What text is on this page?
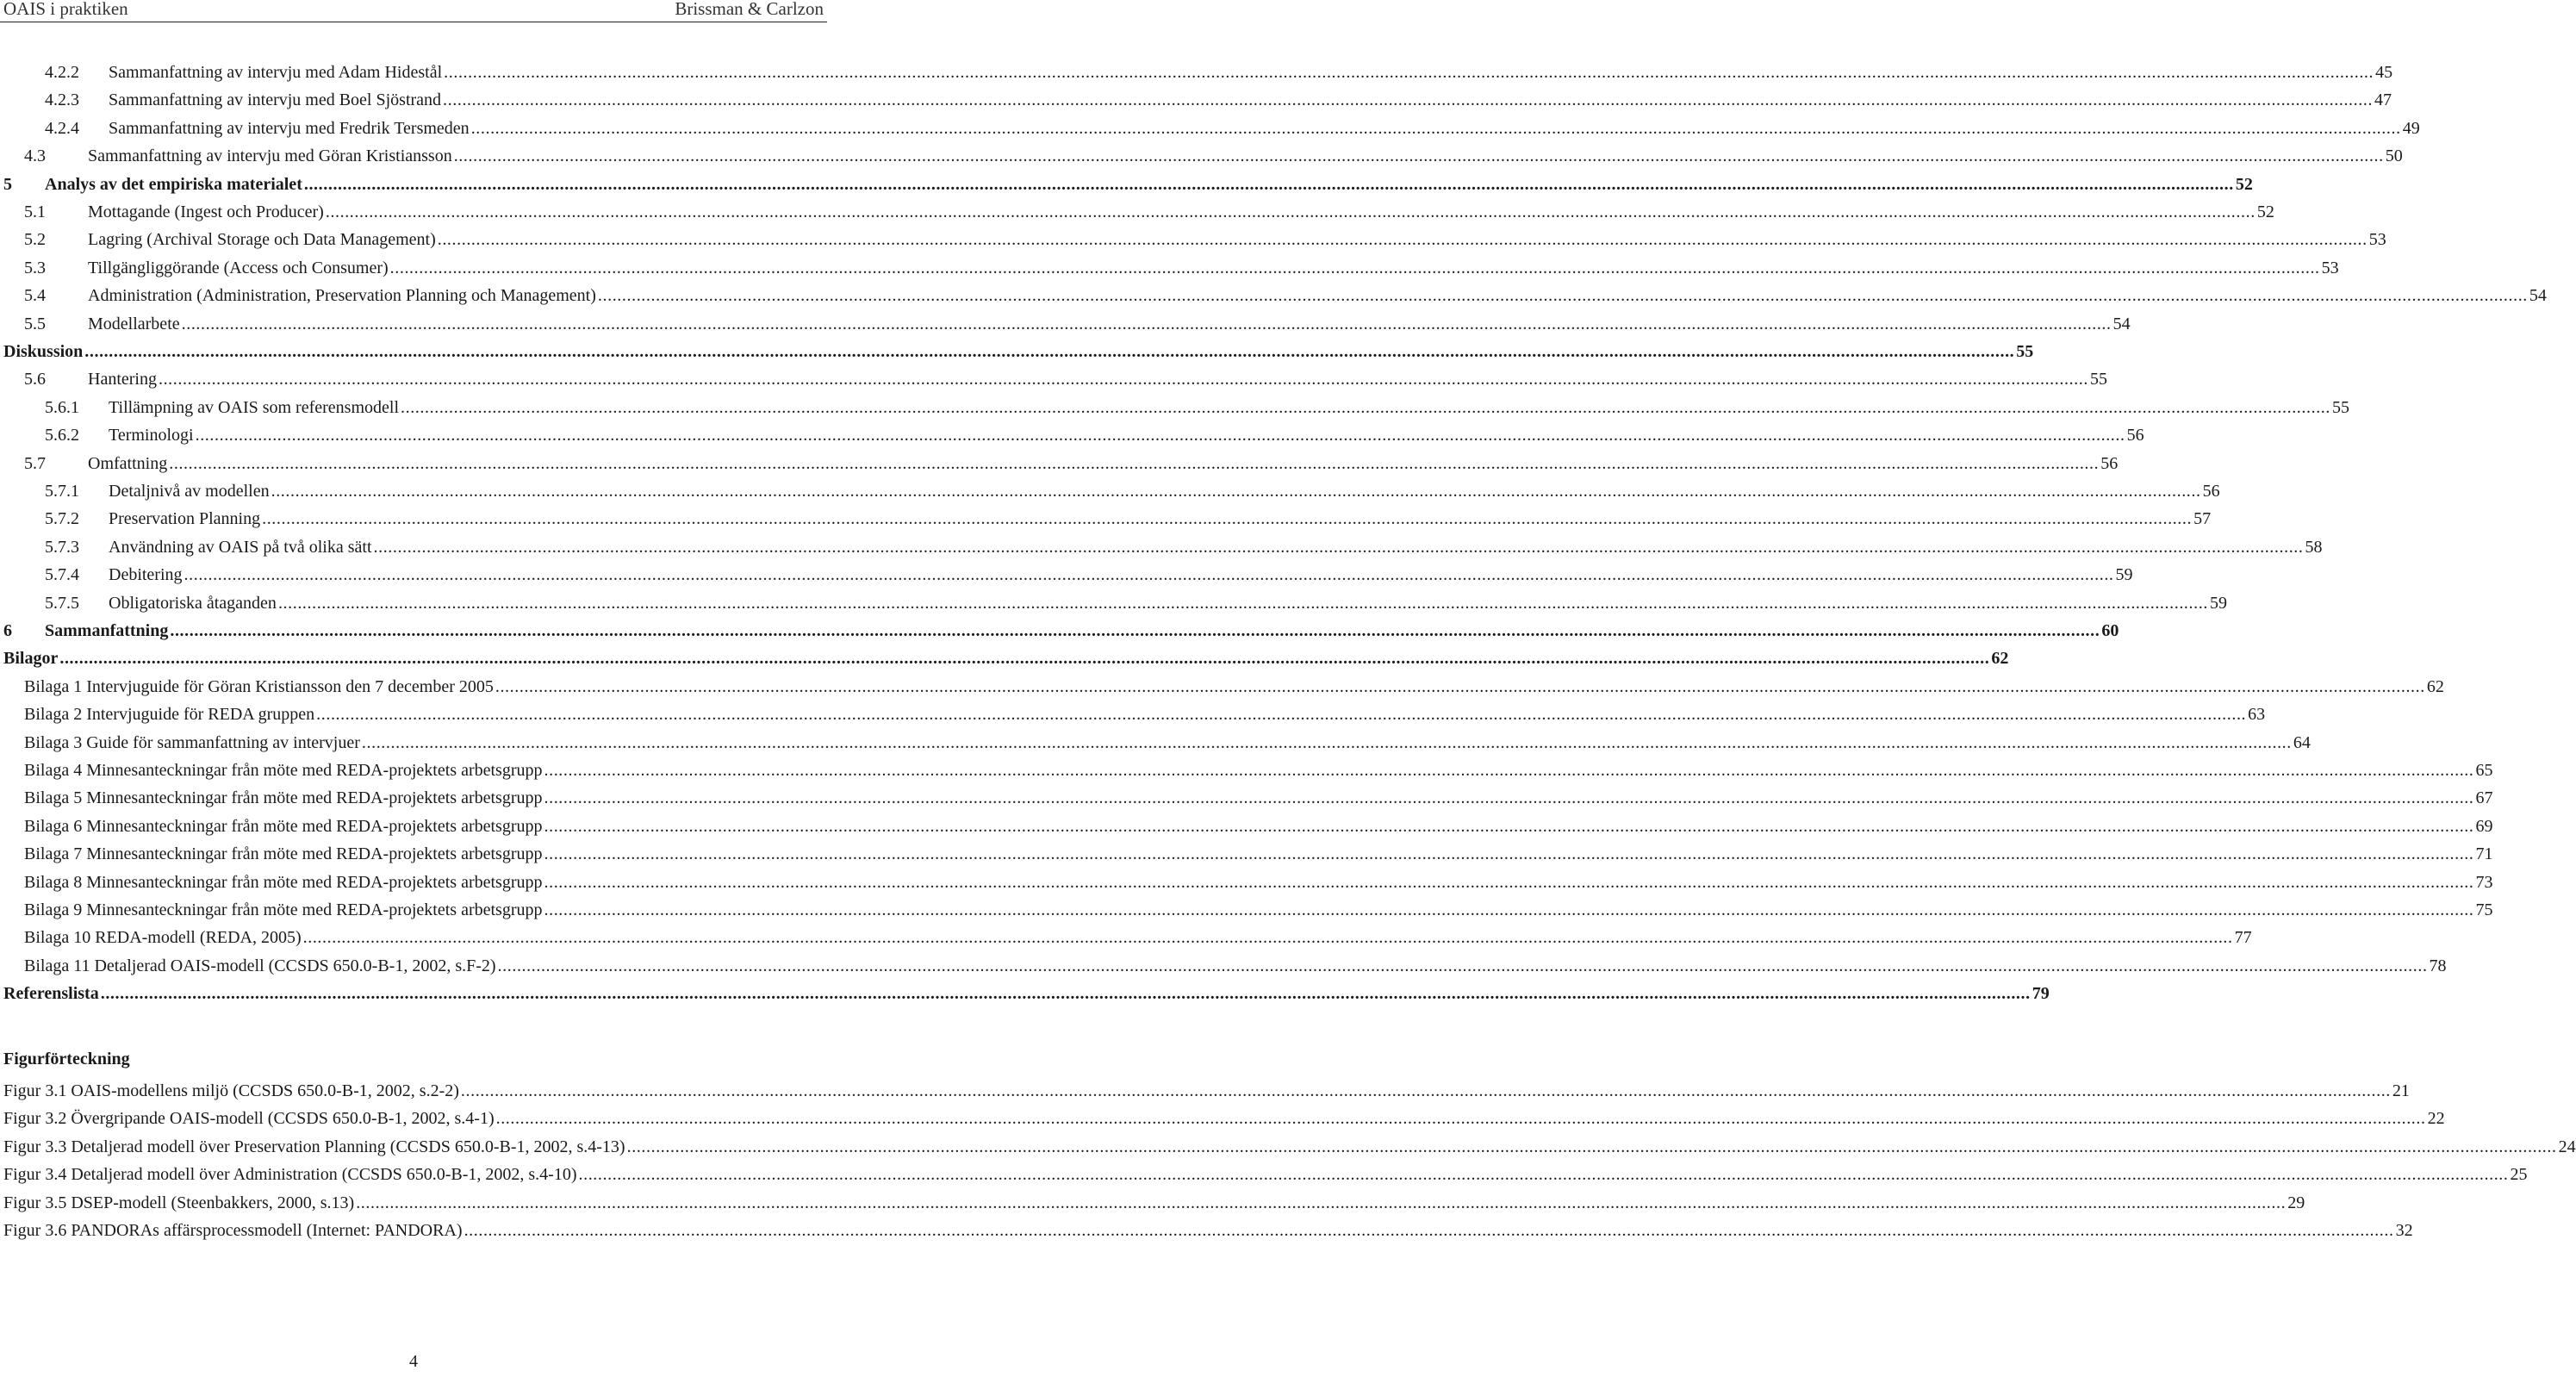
OAIS i praktiken	Brissman & Carlzon
4.2.2 Sammanfattning av intervju med Adam Hidestål ................................................................................................................................................................................................................................................................................................................................................................................................................ 45
4.2.3 Sammanfattning av intervju med Boel Sjöstrand ................................................................................................................................................................................................................................................................................................................................................................................................................ 47
4.2.4 Sammanfattning av intervju med Fredrik Tersmeden ................................................................................................................................................................................................................................................................................................................................................................................................................ 49
4.3 Sammanfattning av intervju med Göran Kristiansson ................................................................................................................................................................................................................................................................................................................................................................................................................ 50
5 Analys av det empiriska materialet ................................................................................................................................................................................................................................................................................................................................................................................................................ 52
5.1 Mottagande (Ingest och Producer) ................................................................................................................................................................................................................................................................................................................................................................................................................ 52
5.2 Lagring (Archival Storage och Data Management) ................................................................................................................................................................................................................................................................................................................................................................................................................ 53
5.3 Tillgängliggörande (Access och Consumer) ................................................................................................................................................................................................................................................................................................................................................................................................................ 53
5.4 Administration (Administration, Preservation Planning och Management) ................................................................................................................................................................................................................................................................................................................................................................................................................ 54
5.5 Modellarbete ................................................................................................................................................................................................................................................................................................................................................................................................................ 54
Diskussion ................................................................................................................................................................................................................................................................................................................................................................................................................ 55
5.6 Hantering ................................................................................................................................................................................................................................................................................................................................................................................................................ 55
5.6.1 Tillämpning av OAIS som referensmodell ................................................................................................................................................................................................................................................................................................................................................................................................................ 55
5.6.2 Terminologi ................................................................................................................................................................................................................................................................................................................................................................................................................ 56
5.7 Omfattning ................................................................................................................................................................................................................................................................................................................................................................................................................ 56
5.7.1 Detaljnivå av modellen ................................................................................................................................................................................................................................................................................................................................................................................................................ 56
5.7.2 Preservation Planning ................................................................................................................................................................................................................................................................................................................................................................................................................ 57
5.7.3 Användning av OAIS på två olika sätt ................................................................................................................................................................................................................................................................................................................................................................................................................ 58
5.7.4 Debitering ................................................................................................................................................................................................................................................................................................................................................................................................................ 59
5.7.5 Obligatoriska åtaganden ................................................................................................................................................................................................................................................................................................................................................................................................................ 59
6 Sammanfattning ................................................................................................................................................................................................................................................................................................................................................................................................................ 60
Bilagor ................................................................................................................................................................................................................................................................................................................................................................................................................ 62
Bilaga 1 Intervjuguide för Göran Kristiansson den 7 december 2005 ................................................................................................................................................................................................................................................................................................................................................................................................................ 62
Bilaga 2 Intervjuguide för REDA gruppen ................................................................................................................................................................................................................................................................................................................................................................................................................ 63
Bilaga 3 Guide för sammanfattning av intervjuer ................................................................................................................................................................................................................................................................................................................................................................................................................ 64
Bilaga 4 Minnesanteckningar från möte med REDA-projektets arbetsgrupp ................................................................................................................................................................................................................................................................................................................................................................................................................ 65
Bilaga 5 Minnesanteckningar från möte med REDA-projektets arbetsgrupp ................................................................................................................................................................................................................................................................................................................................................................................................................ 67
Bilaga 6 Minnesanteckningar från möte med REDA-projektets arbetsgrupp ................................................................................................................................................................................................................................................................................................................................................................................................................ 69
Bilaga 7 Minnesanteckningar från möte med REDA-projektets arbetsgrupp ................................................................................................................................................................................................................................................................................................................................................................................................................ 71
Bilaga 8 Minnesanteckningar från möte med REDA-projektets arbetsgrupp ................................................................................................................................................................................................................................................................................................................................................................................................................ 73
Bilaga 9 Minnesanteckningar från möte med REDA-projektets arbetsgrupp ................................................................................................................................................................................................................................................................................................................................................................................................................ 75
Bilaga 10 REDA-modell (REDA, 2005) ................................................................................................................................................................................................................................................................................................................................................................................................................ 77
Bilaga 11 Detaljerad OAIS-modell (CCSDS 650.0-B-1, 2002, s.F-2) ................................................................................................................................................................................................................................................................................................................................................................................................................ 78
Referenslista ................................................................................................................................................................................................................................................................................................................................................................................................................ 79
Figurförteckning
Figur 3.1 OAIS-modellens miljö (CCSDS 650.0-B-1, 2002, s.2-2) ................................................................................................................................................................................................................................................................................................................................................................................................................ 21
Figur 3.2 Övergripande OAIS-modell (CCSDS 650.0-B-1, 2002, s.4-1) ................................................................................................................................................................................................................................................................................................................................................................................................................ 22
Figur 3.3 Detaljerad modell över Preservation Planning (CCSDS 650.0-B-1, 2002, s.4-13) ................................................................................................................................................................................................................................................................................................................................................................................................................ 24
Figur 3.4 Detaljerad modell över Administration (CCSDS 650.0-B-1, 2002, s.4-10) ................................................................................................................................................................................................................................................................................................................................................................................................................ 25
Figur 3.5 DSEP-modell (Steenbakkers, 2000, s.13) ................................................................................................................................................................................................................................................................................................................................................................................................................ 29
Figur 3.6 PANDORAs affärsprocessmodell (Internet: PANDORA) ................................................................................................................................................................................................................................................................................................................................................................................................................ 32
4
